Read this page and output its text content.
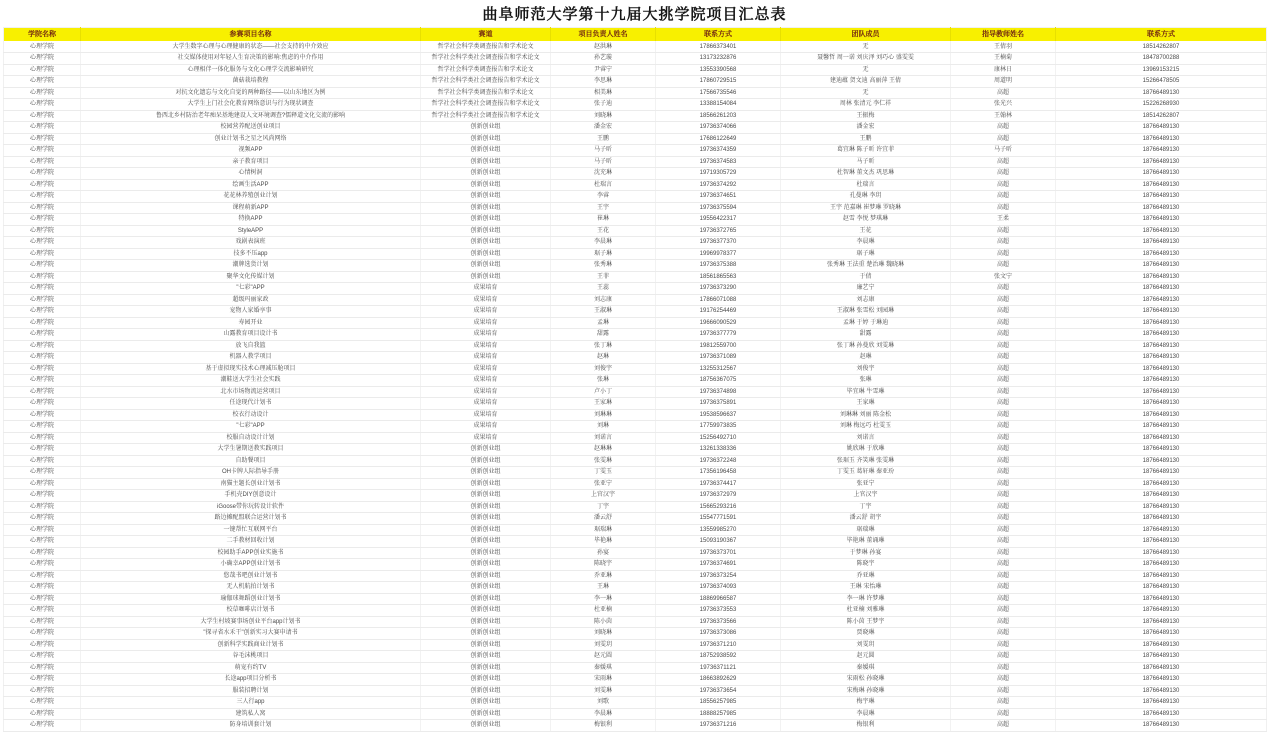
曲阜师范大学第十九届大挑学院项目汇总表
学院名称	参赛项目名称	赛道	项目负责人姓名	联系方式	团队成员	指导教师姓名	联系方式
心理学院	大学生数字心理与心理健康的状态——社会支持的中介效应	哲学社会科学类调查报告和学术论文	赵洪琳	17866373401	无	王倩羽	18514262807
心理学院	社交媒体使用对年轻人生育决策的影响:焦虑的中介作用	哲学社会科学类社会调查报告和学术论文	孙艺璇	13173232876	聂馨哲 周一诺 刘庆泽 刘巧心 盛雯雯	王楠菊	18478700288
心理学院	心理相伴一体化服务与文化心理学交流影响研究	哲学社会科学类调查报告和学术论文	尹睿宁	13553390568	无	康林日	13969153215
心理学院	菌菇栽培教程	哲学社会科学类社会调查报告和学术论文	李思琳	17860729515	建迪蕴 贺文迪 高丽萍 王倩	周道明	15266478505
心理学院	对抗文化遗忘与文化自觉的两种路径——以山东地区为例	哲学社会科学类调查报告和学术论文	相美琳	17566735546	无	高超	18766489130
心理学院	大学生上门社会化教育网络意识与行为现状调查	哲学社会科学类社会调查报告和学术论文	张子迪	13388154084	周林 张清元 李仁祥	张光兴	15226268930
心理学院	鲁西北乡村防治老年痴呆基地建设人文环境调查?儒释道文化交流的影响	哲学社会科学类社会调查报告和学术论文	刘晓琳	18566261203	王振梅	王翰林	18514262807
心理学院	校园营养配送创业项目	创新创业组	潘金宏	19736374066	潘金宏	高超	18766489130
心理学院	创业计划书之星之风尚网络	创新创业组	王鹏	17686122649	王鹏	高超	18766489130
心理学院	视频APP	创新创业组	马子昕	19736374359	葛宜琳 陈子昕 许宜菲	马子昕	18766489130
心理学院	亲子教育项目	创新创业组	马子昕	19736374583	马子昕	高超	18766489130
心理学院	心情树洞	创新创业组	沈充琳	19719305729	杜智琳 董文杰 巩思琳	高超	18766489130
心理学院	绘画生活APP	创新创业组	杜瑞言	19736374292	杜瑞言	高超	18766489130
心理学院	花花林养殖创业计划	创新创业组	李睿	19736374651	孔曼琳 李玥	高超	18766489130
心理学院	课程萌新APP	创新创业组	王宇	19736375594	王宇 范嘉琳 崔梦琳 罗晓琳	高超	18766489130
心理学院	特换APP	创新创业组	崔琳	19556422317	赵雪 李悦 梦琪琳	王柔	18766489130
心理学院	StyleAPP	创新创业组	王花	19736372765	王花	高超	18766489130
心理学院	戏剧表演班	创新创业组	李晨琳	19736377370	李晨琳	高超	18766489130
心理学院	技多不压app	创新创业组	琚子琳	19969978377	琚子琳	高超	18766489130
心理学院	潮牌选货计划	创新创业组	张秀琳	19736375388	张秀琳 王法重 楚治琳 魏晓琳	高超	18766489130
心理学院	聚华文化传媒计划	创新创业组	王菲	18561865563	于倩	张文宁	18766489130
心理学院	"七彩"APP	成果培育	王蕊	19736373290	廉艺宁	高超	18766489130
心理学院	超级玛丽家政	成果培育	刘志康	17866071088	刘志康	高超	18766489130
心理学院	宠物人家婚享事	成果培育	王淑琳	19176254469	王淑琳 张雪松 刘园琳	高超	18766489130
心理学院	寿园开业	成果培育	孟琳	19666090529	孟琳 于婷 于琳迪	高超	18766489130
心理学院	山露教育项目设计书	成果培育	甜露	19736377779	甜露	高超	18766489130
心理学院	放飞自我篮	成果培育	张丁琳	19812559700	张丁琳 孙曼欣 刘雯琳	高超	18766489130
心理学院	机器人教学项目	成果培育	赵琳	19736371089	赵琳	高超	18766489130
心理学院	基于虚拟现实技术心理减压舱项目	成果培育	刘俊宇	13255312567	刘俊宇	高超	18766489130
心理学院	潮鞋送大学生社会实践	成果培育	张琳	18756367075	张琳	高超	18766489130
心理学院	北水市场物流运营项目	成果培育	卢小丁	19736374898	毕宜琳 牛雪琳	高超	18766489130
心理学院	任途现代计划书	成果培育	王家琳	19736375891	王家琳	高超	18766489130
心理学院	校衣行动设计	成果培育	刘琳琳	19538596637	刘琳琳 刘丽 陈金松	高超	18766489130
心理学院	"七彩"APP	成果培育	刘琳	17759973835	刘琳 梅远巧 杜雯玉	高超	18766489130
心理学院	校服自动设计计划	成果培育	刘诺言	15256492710	刘诺言	高超	18766489130
心理学院	大学生暑期送教实践项目	创新创业组	赵琳琳	13261338336	姚欣琳 于欣琳	高超	18766489130
心理学院	自助餐项目	创新创业组	张雯琳	19736372248	张琚玉 齐笑琳 张雯琳	高超	18766489130
心理学院	OH卡牌人际指导手册	创新创业组	丁雯玉	17356196458	丁雯玉 葛轩琳 秦亚玢	高超	18766489130
心理学院	南猫主题长创业计划书	创新创业组	张亚宁	19736374417	张亚宁	高超	18766489130
心理学院	手机壳DIY创意设计	创新创业组	上官汉宇	19736372979	上官汉宇	高超	18766489130
心理学院	iGoose带你玩转设计软件	创新创业组	丁宇	15665293216	丁宇	高超	18766489130
心理学院	路边摊配盟联合运营计划书	创新创业组	潘云舒	15547771591	潘云舒 胡宇	高超	18766489130
心理学院	一键帮忙互联网平台	创新创业组	琚瑞琳	13559985270	琚瑞琳	高超	18766489130
心理学院	二手教材回收计划	创新创业组	毕艳琳	15093190367	毕艳琳 董诵琳	高超	18766489130
心理学院	校园助手APP创业实施书	创新创业组	孙宴	19736373701	于梦琳 孙宴	高超	18766489130
心理学院	小确幸APP创业计划书	创新创业组	陈晓宇	19736374691	陈晓宇	高超	18766489130
心理学院	悠哉书吧创业计划书	创新创业组	乔亚琳	19736373254	乔亚琳	高超	18766489130
心理学院	无人机航拍计划书	创新创业组	王琳	19736374093	王琳 宋怡琳	高超	18766489130
心理学院	瑜伽球舞蹈创业计划书	创新创业组	李一琳	18869966587	李一琳 许梦琳	高超	18766489130
心理学院	校草咖啡店计划书	创新创业组	杜亚楠	19736373553	杜亚楠 刘雅琳	高超	18766489130
心理学院	大学生村坡赛事场创业平台app计划书	创新创业组	陈小茵	19736373566	陈小茵 王梦宇	高超	18766489130
心理学院	"探寻省水禾干"创新实习大赛申请书	创新创业组	刘晓琳	19736373086	贾晓琳	高超	18766489130
心理学院	创新科学实践商业计划书	创新创业组	刘雯玥	19736371210	刘雯玥	高超	18766489130
心理学院	谷毛沫桃项目	创新创业组	赵元圆	18752938592	赵元圆	高超	18766489130
心理学院	萌宠有约TV	创新创业组	秦媛琪	19736371121	秦媛琪	高超	18766489130
心理学院	长途app项目分析书	创新创业组	宋雨琳	18663892629	宋雨松 孙晓琳	高超	18766489130
心理学院	服装招聘计划	创新创业组	刘雯琳	19736373654	宋梅琳 孙晓琳	高超	18766489130
心理学院	三人行app	创新创业组	刘歌	18556257985	梅宇琳	高超	18766489130
心理学院	建筑私人窝	创新创业组	李晨琳	18888257985	李晨琳	高超	18766489130
心理学院	防身培训套计划	创新创业组	梅银利	19736371216	梅银利	高超	18766489130
